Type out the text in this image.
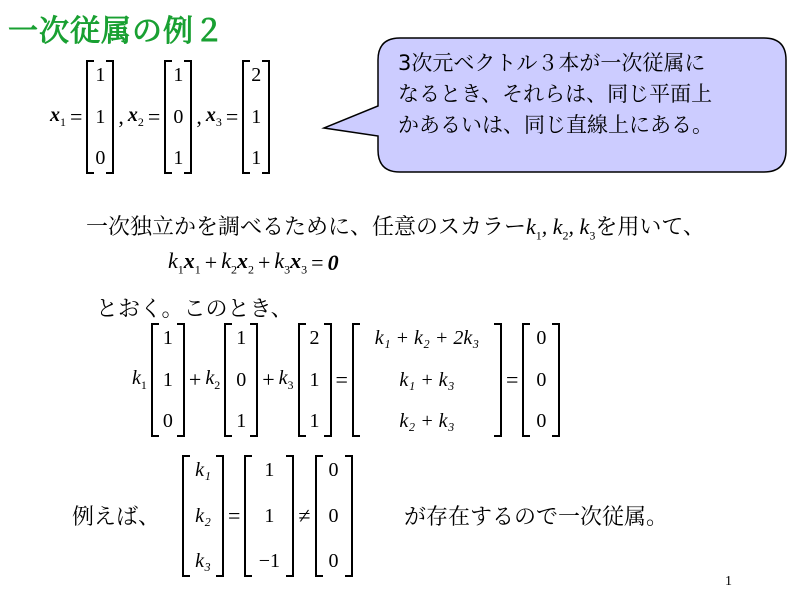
一次従属の例２
3次元ベクトル３本が一次従属に
なるとき、それらは、同じ平面上
かあるいは、同じ直線上にある。
$x_1$ =
1
1
0
, $x_2$ =
1
0
1
, $x_3$ =
2
1
1
一次独立かを調べるために、任意のスカラー$k_1$, $k_2$, $k_3$を用いて、
$k_1$ $x_1 + k_2$ $x_2 + k_3$ $x_3 = 0$
とおく。このとき、
$k_1$
1
1
0
+ $k_2$
1
0
1
+ $k_3$
2
1
1
=
k₁ + k₂ + 2k₃
k₁ + k₃
k₂ + k₃
=
0
0
0
例えば、
k₁
k₂
k₃
=
1
1
−1
≠
0
0
0
が存在するので一次従属。
1
